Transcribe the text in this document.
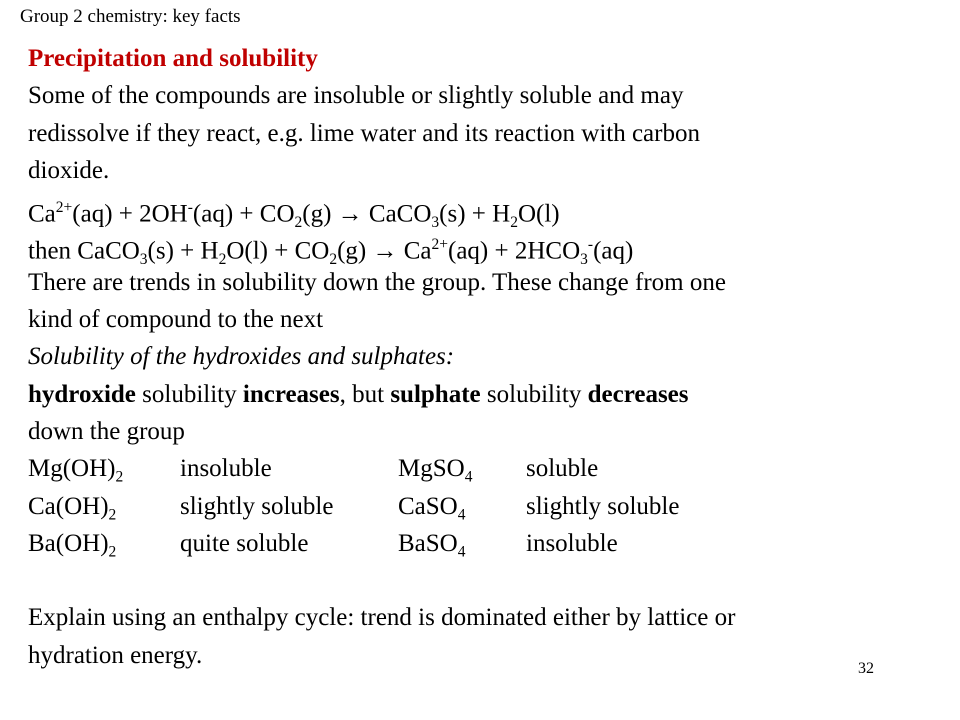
Group 2 chemistry: key facts
Precipitation and solubility
Some of the compounds are insoluble or slightly soluble and may
redissolve if they react, e.g. lime water and its reaction with carbon
dioxide.
$Ca^{2+}(aq) + 2OH^-(aq) + CO_2(g)$ → CaCO$_3$(s) + $H_2O(l)$
then CaCO$_3$(s) + $H_2O(l) + CO_2(g) \to Ca^{2+}(aq) + 2HCO_3^-(aq)$
There are trends in solubility down the group. These change from one
kind of compound to the next
Solubility of the hydroxides and sulphates:
hydroxide solubility increases, but sulphate solubility decreases
down the group
$Mg(OH)_2$ insoluble	MgSO$_4$ soluble
$Ca(OH)_2$	slightly soluble	CaSO$_4$ slightly soluble
$Ba(OH)_2$	quite soluble	BaSO$_4$ insoluble
Explain using an enthalpy cycle: trend is dominated either by lattice or
hydration energy.	32
